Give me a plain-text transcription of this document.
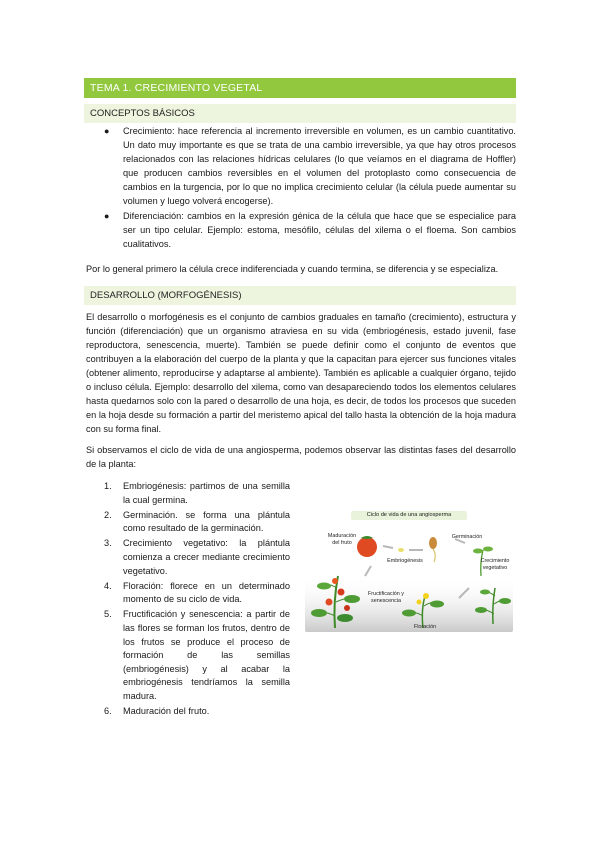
TEMA 1. CRECIMIENTO VEGETAL
CONCEPTOS BÁSICOS
● Crecimiento: hace referencia al incremento irreversible en volumen, es un cambio cuantitativo. Un dato muy importante es que se trata de una cambio irreversible, ya que hay otros procesos relacionados con las relaciones hídricas celulares (lo que veíamos en el diagrama de Hoffler) que producen cambios reversibles en el volumen del protoplasto como consecuencia de cambios en la turgencia, por lo que no implica crecimiento celular (la célula puede aumentar su volumen y luego volverá encogerse).
● Diferenciación: cambios en la expresión génica de la célula que hace que se especialice para ser un tipo celular. Ejemplo: estoma, mesófilo, células del xilema o el floema. Son cambios cualitativos.
Por lo general primero la célula crece indiferenciada y cuando termina, se diferencia y se especializa.
DESARROLLO (MORFOGÉNESIS)
El desarrollo o morfogénesis es el conjunto de cambios graduales en tamaño (crecimiento), estructura y función (diferenciación) que un organismo atraviesa en su vida (embriogénesis, estado juvenil, fase reproductora, senescencia, muerte). También se puede definir como el conjunto de eventos que contribuyen a la elaboración del cuerpo de la planta y que la capacitan para ejercer sus funciones vitales (obtener alimento, reproducirse y adaptarse al ambiente). También es aplicable a cualquier órgano, tejido o incluso célula. Ejemplo: desarrollo del xilema, como van desapareciendo todos los elementos celulares hasta quedarnos solo con la pared o desarrollo de una hoja, es decir, de todos los procesos que suceden en la hoja desde su formación a partir del meristemo apical del tallo hasta la obtención de la hoja madura con su forma final.
Si observamos el ciclo de vida de una angiosperma, podemos observar las distintas fases del desarrollo de la planta:
1. Embriogénesis: partimos de una semilla la cual germina.
2. Germinación. se forma una plántula como resultado de la germinación.
3. Crecimiento vegetativo: la plántula comienza a crecer mediante crecimiento vegetativo.
4. Floración: florece en un determinado momento de su ciclo de vida.
5. Fructificación y senescencia: a partir de las flores se forman los frutos, dentro de los frutos se produce el proceso de formación de las semillas (embriogénesis) y al acabar la embriogénesis tendríamos la semilla madura.
6. Maduración del fruto.
Ciclo de vida de una angiosperma
Maduración del fruto
Embriogénesis
Germinación
Crecimiento vegetativo
Fructificación y senescencia
Floración
